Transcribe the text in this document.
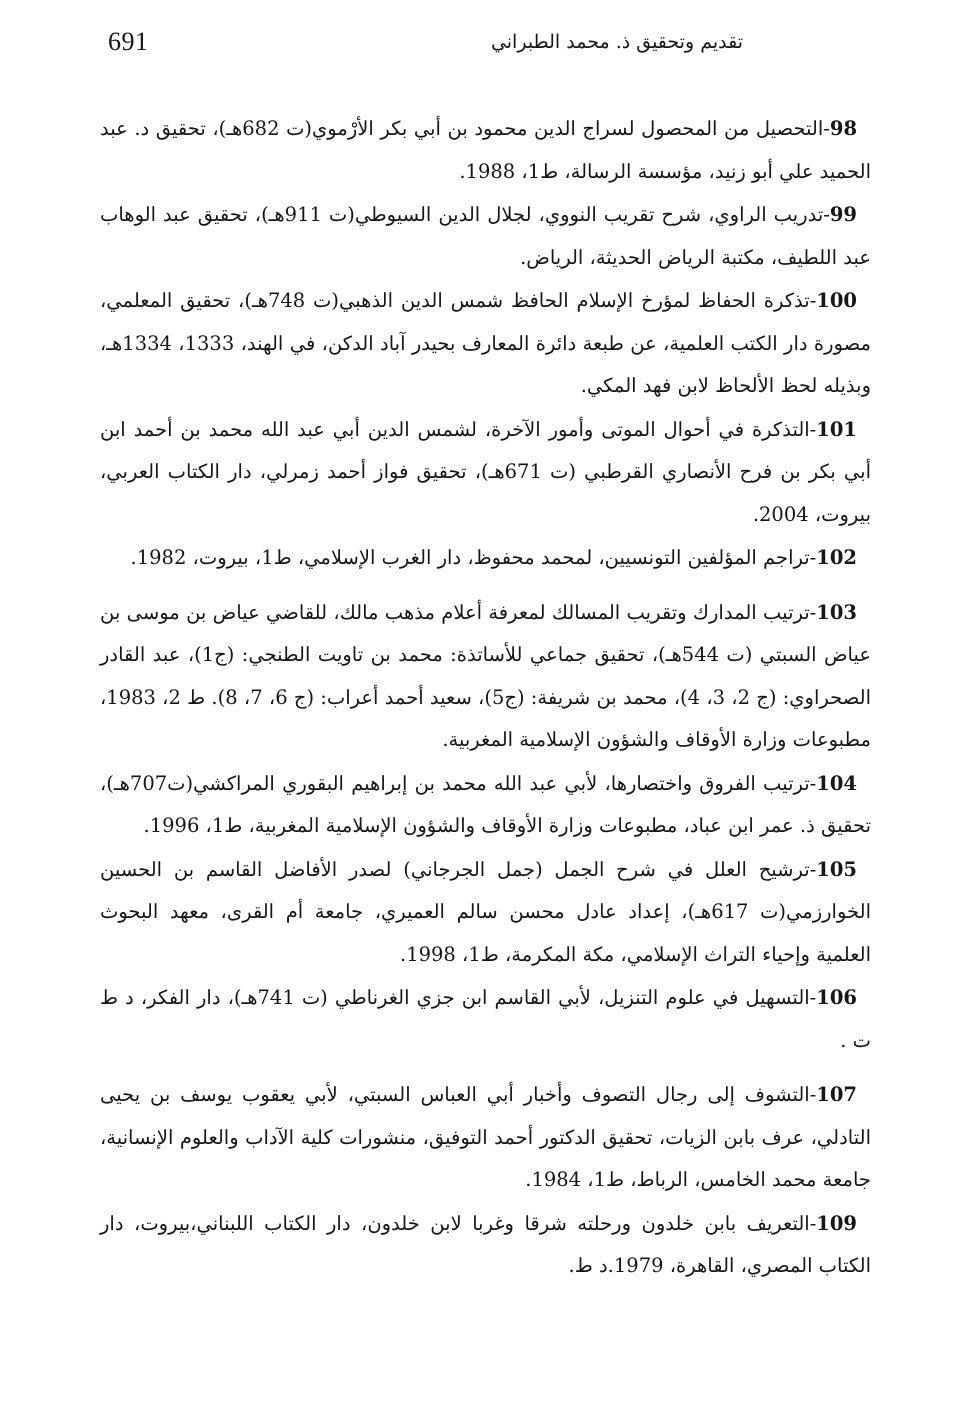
691	تقديم وتحقيق ذ. محمد الطبراني

98-التحصيل من المحصول لسراج الدين محمود بن أبي بكر الأرْموي(ت 682هـ)، تحقيق د. عبد الحميد علي أبو زنيد، مؤسسة الرسالة، ط1، 1988.

99-تدريب الراوي، شرح تقريب النووي، لجلال الدين السيوطي(ت 911هـ)، تحقيق عبد الوهاب عبد اللطيف، مكتبة الرياض الحديثة، الرياض.

100-تذكرة الحفاظ لمؤرخ الإسلام الحافظ شمس الدين الذهبي(ت 748هـ)، تحقيق المعلمي، مصورة دار الكتب العلمية، عن طبعة دائرة المعارف بحيدر آباد الدكن، في الهند، 1333، 1334هـ، وبذيله لحظ الألحاظ لابن فهد المكي.

101-التذكرة في أحوال الموتى وأمور الآخرة، لشمس الدين أبي عبد الله محمد بن أحمد ابن أبي بكر بن فرح الأنصاري القرطبي (ت 671هـ)، تحقيق فواز أحمد زمرلي، دار الكتاب العربي، بيروت، 2004.

102-تراجم المؤلفين التونسيين، لمحمد محفوظ، دار الغرب الإسلامي، ط1، بيروت، 1982.

103-ترتيب المدارك وتقريب المسالك لمعرفة أعلام مذهب مالك، للقاضي عياض بن موسى بن عياض السبتي (ت 544هـ)، تحقيق جماعي للأساتذة: محمد بن تاويت الطنجي: (ج1)، عبد القادر الصحراوي: (ج 2، 3، 4)، محمد بن شريفة: (ج5)، سعيد أحمد أعراب: (ج 6، 7، 8). ط 2، 1983، مطبوعات وزارة الأوقاف والشؤون الإسلامية المغربية.

104-ترتيب الفروق واختصارها، لأبي عبد الله محمد بن إبراهيم البقوري المراكشي(ت707هـ)، تحقيق ذ. عمر ابن عباد، مطبوعات وزارة الأوقاف والشؤون الإسلامية المغربية، ط1، 1996.

105-ترشيح العلل في شرح الجمل (جمل الجرجاني) لصدر الأفاضل القاسم بن الحسين الخوارزمي(ت 617هـ)، إعداد عادل محسن سالم العميري، جامعة أم القرى، معهد البحوث العلمية وإحياء التراث الإسلامي، مكة المكرمة، ط1، 1998.

106-التسهيل في علوم التنزيل، لأبي القاسم ابن جزي الغرناطي (ت 741هـ)، دار الفكر، د ط ت .

107-التشوف إلى رجال التصوف وأخبار أبي العباس السبتي، لأبي يعقوب يوسف بن يحيى التادلي، عرف بابن الزيات، تحقيق الدكتور أحمد التوفيق، منشورات كلية الآداب والعلوم الإنسانية، جامعة محمد الخامس، الرباط، ط1، 1984.

109-التعريف بابن خلدون ورحلته شرقا وغربا لابن خلدون، دار الكتاب اللبناني،بيروت، دار الكتاب المصري، القاهرة، 1979.د ط.
